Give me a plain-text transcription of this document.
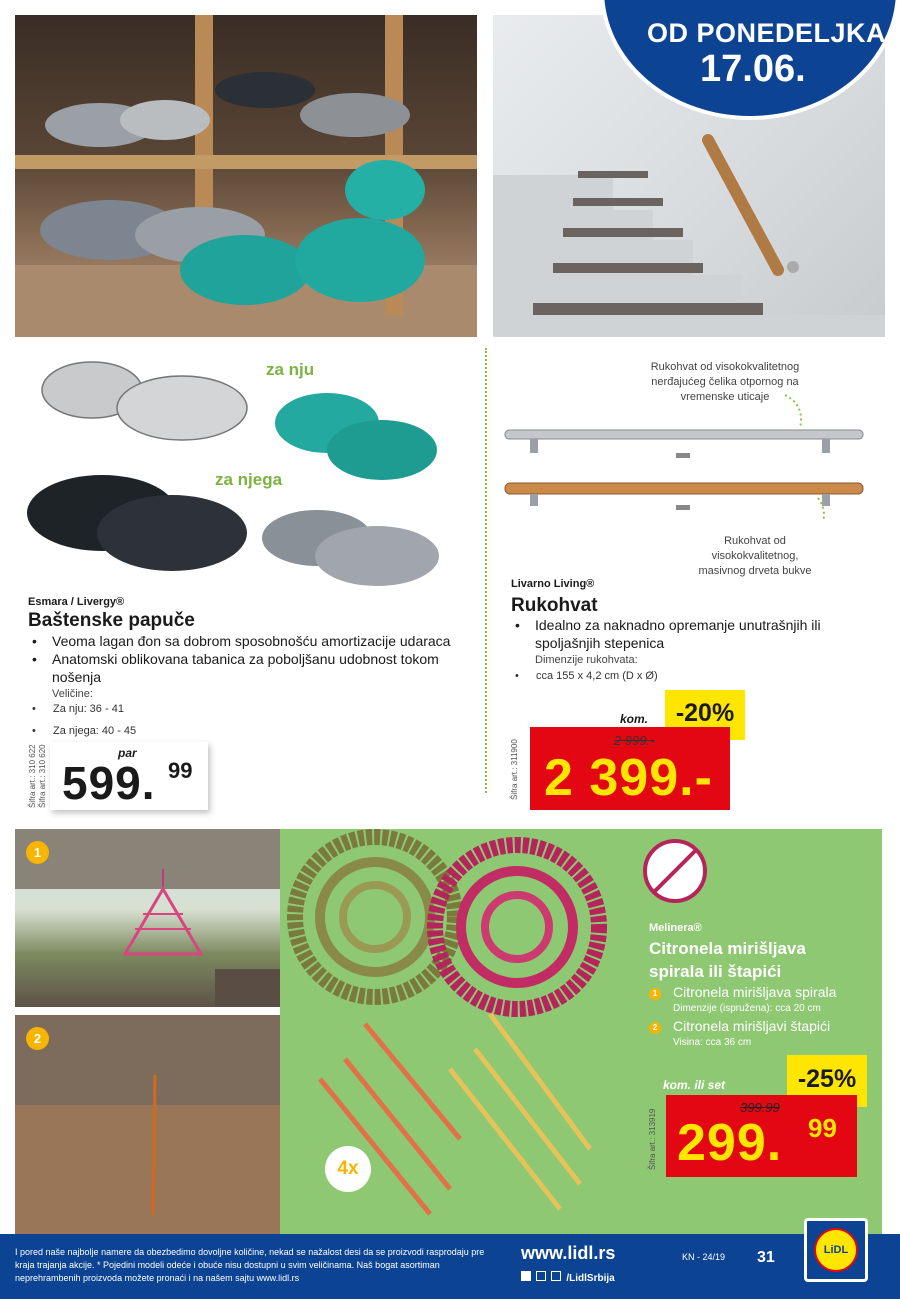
OD PONEDELJKA
17.06.
za nju
za njega
Esmara / Livergy®
Baštenske papuče
• Veoma lagan đon sa dobrom sposobnošću amortizacije udaraca
• Anatomski oblikovana tabanica za poboljšanu udobnost tokom nošenja
Veličine:
• Za nju: 36 - 41
• Za njega: 40 - 45
Šifra art.: 310 622 Šifra art.: 310 620	par
599. 99
Rukohvat od visokokvalitetnog
nerđajućeg čelika otpornog na
vremenske uticaje
Rukohvat od
visokokvalitetnog,
masivnog drveta bukve
Livarno Living®
Rukohvat
• Idealno za naknadno opremanje unutrašnjih ili spoljašnjih stepenica
Dimenzije rukohvata:
• cca 155 x 4,2 cm (D x Ø)
Šifra art.: 311900
-20%
kom.
2 999.-
2 399.-
1
2
4x
Melinera®
Citronela mirišljava
spirala ili štapići
1 Citronela mirišljava spirala
Dimenzije (ispružena): cca 20 cm
2 Citronela mirišljavi štapići
Visina: cca 36 cm
Šifra art.: 313919
-25%
kom. ili set
399.99
299. 99
I pored naše najbolje namere da obezbedimo dovoljne količine, nekad se nažalost desi da se proizvodi rasprodaju pre kraja trajanja akcije. * Pojedini modeli odeće i obuće nisu dostupni u svim veličinama. Naš bogat asortiman neprehrambenih proizvoda možete pronaći i na našem sajtu www.lidl.rs
www.lidl.rs
/LidlSrbija
KN - 24/19 31	LiDL
